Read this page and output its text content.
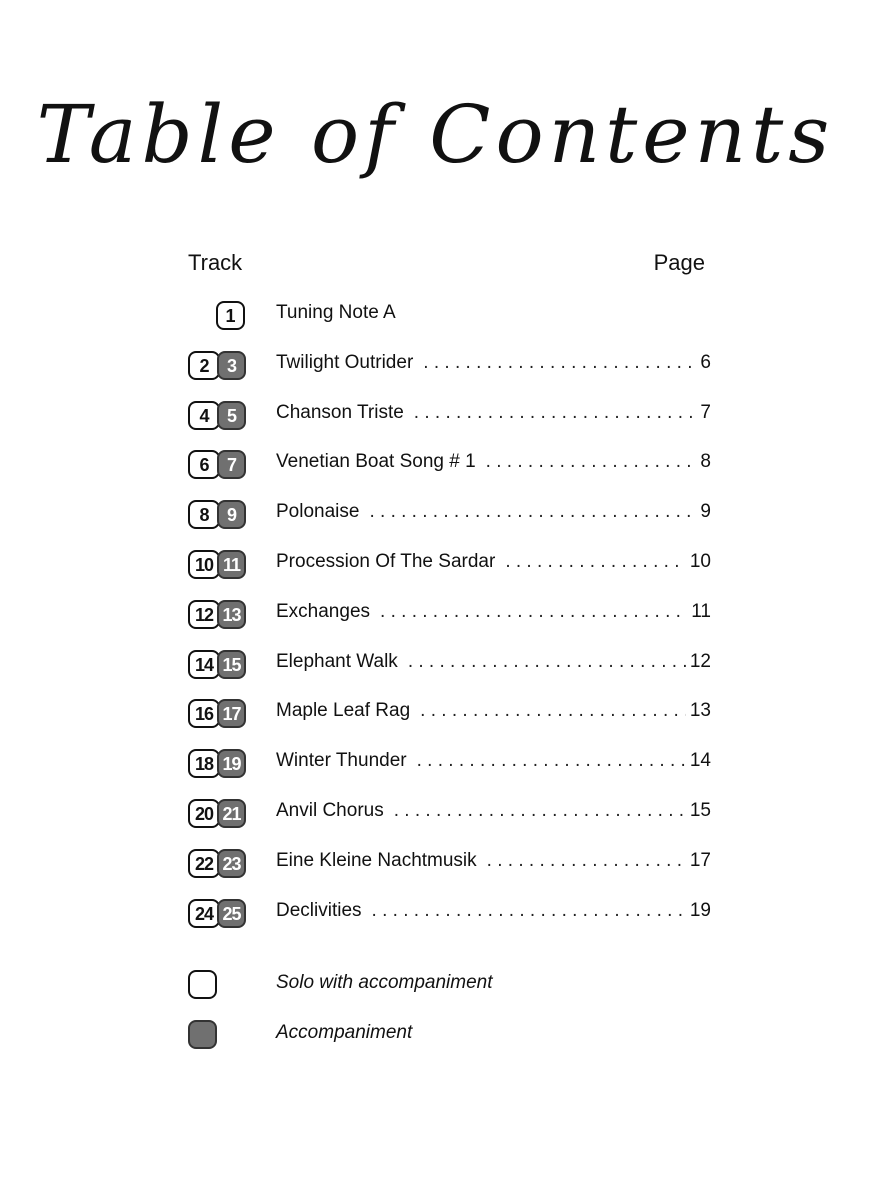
Table of Contents
Track	Page
1	Tuning Note A
2	3	Twilight Outrider . . .	6
4	5	Chanson Triste . . .	7
6	7	Venetian Boat Song # 1 . . .	8
8	9	Polonaise . . .	9
10 11	Procession Of The Sardar . . .	10
12 13 Exchanges . . .	11
14 15 Elephant Walk . . .	12
16 17 Maple Leaf Rag . . .	13
18 19 Winter Thunder . . .	14
20 21 Anvil Chorus . . .	15
22 23 Eine Kleine Nachtmusik . . .	17
24 25 Declivities . . .	19
Solo with accompaniment
Accompaniment
